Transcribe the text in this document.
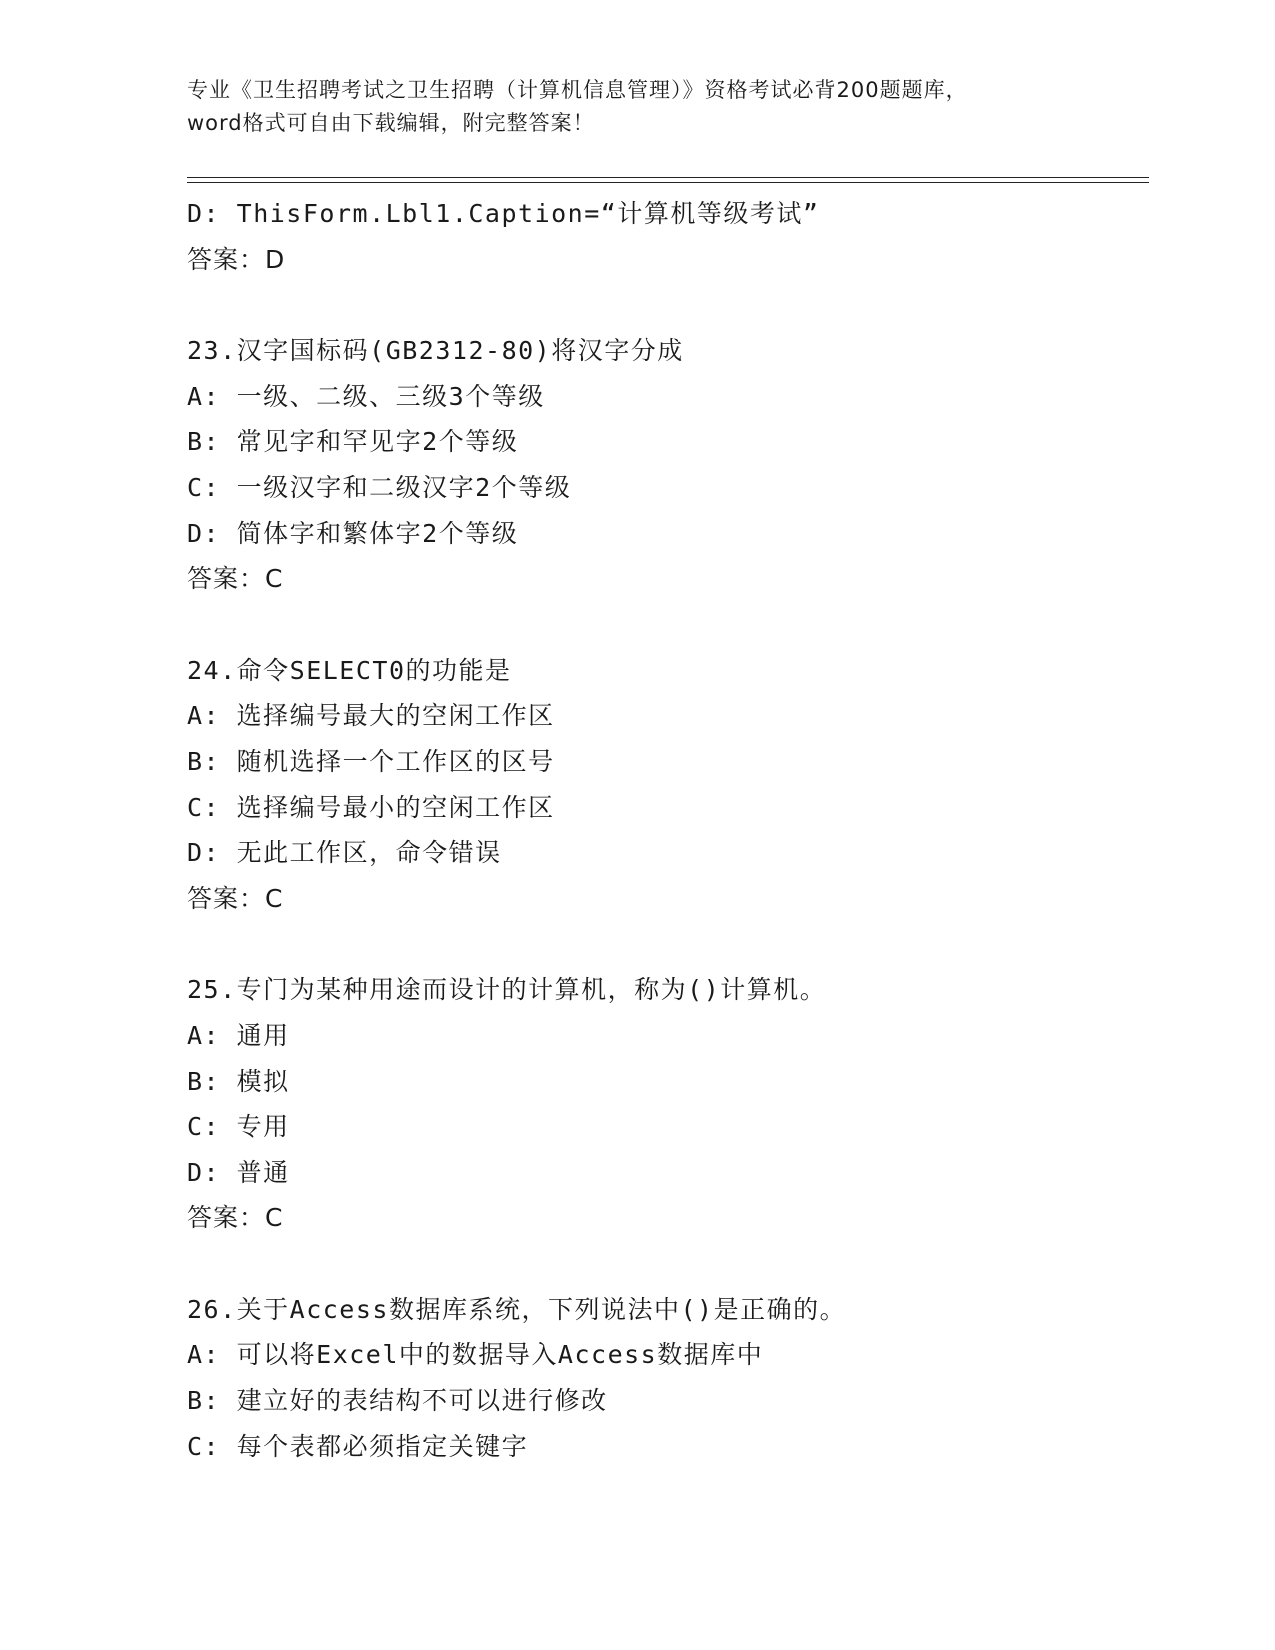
专业《卫生招聘考试之卫生招聘（计算机信息管理）》资格考试必背200题题库，
word格式可自由下载编辑，附完整答案！
D: ThisForm.Lbl1.Caption=“计算机等级考试”
答案：D
23.汉字国标码(GB2312-80)将汉字分成
A: 一级、二级、三级3个等级
B: 常见字和罕见字2个等级
C: 一级汉字和二级汉字2个等级
D: 简体字和繁体字2个等级
答案：C
24.命令SELECT0的功能是
A: 选择编号最大的空闲工作区
B: 随机选择一个工作区的区号
C: 选择编号最小的空闲工作区
D: 无此工作区，命令错误
答案：C
25.专门为某种用途而设计的计算机，称为()计算机。
A: 通用
B: 模拟
C: 专用
D: 普通
答案：C
26.关于Access数据库系统，下列说法中()是正确的。
A: 可以将Excel中的数据导入Access数据库中
B: 建立好的表结构不可以进行修改
C: 每个表都必须指定关键字
